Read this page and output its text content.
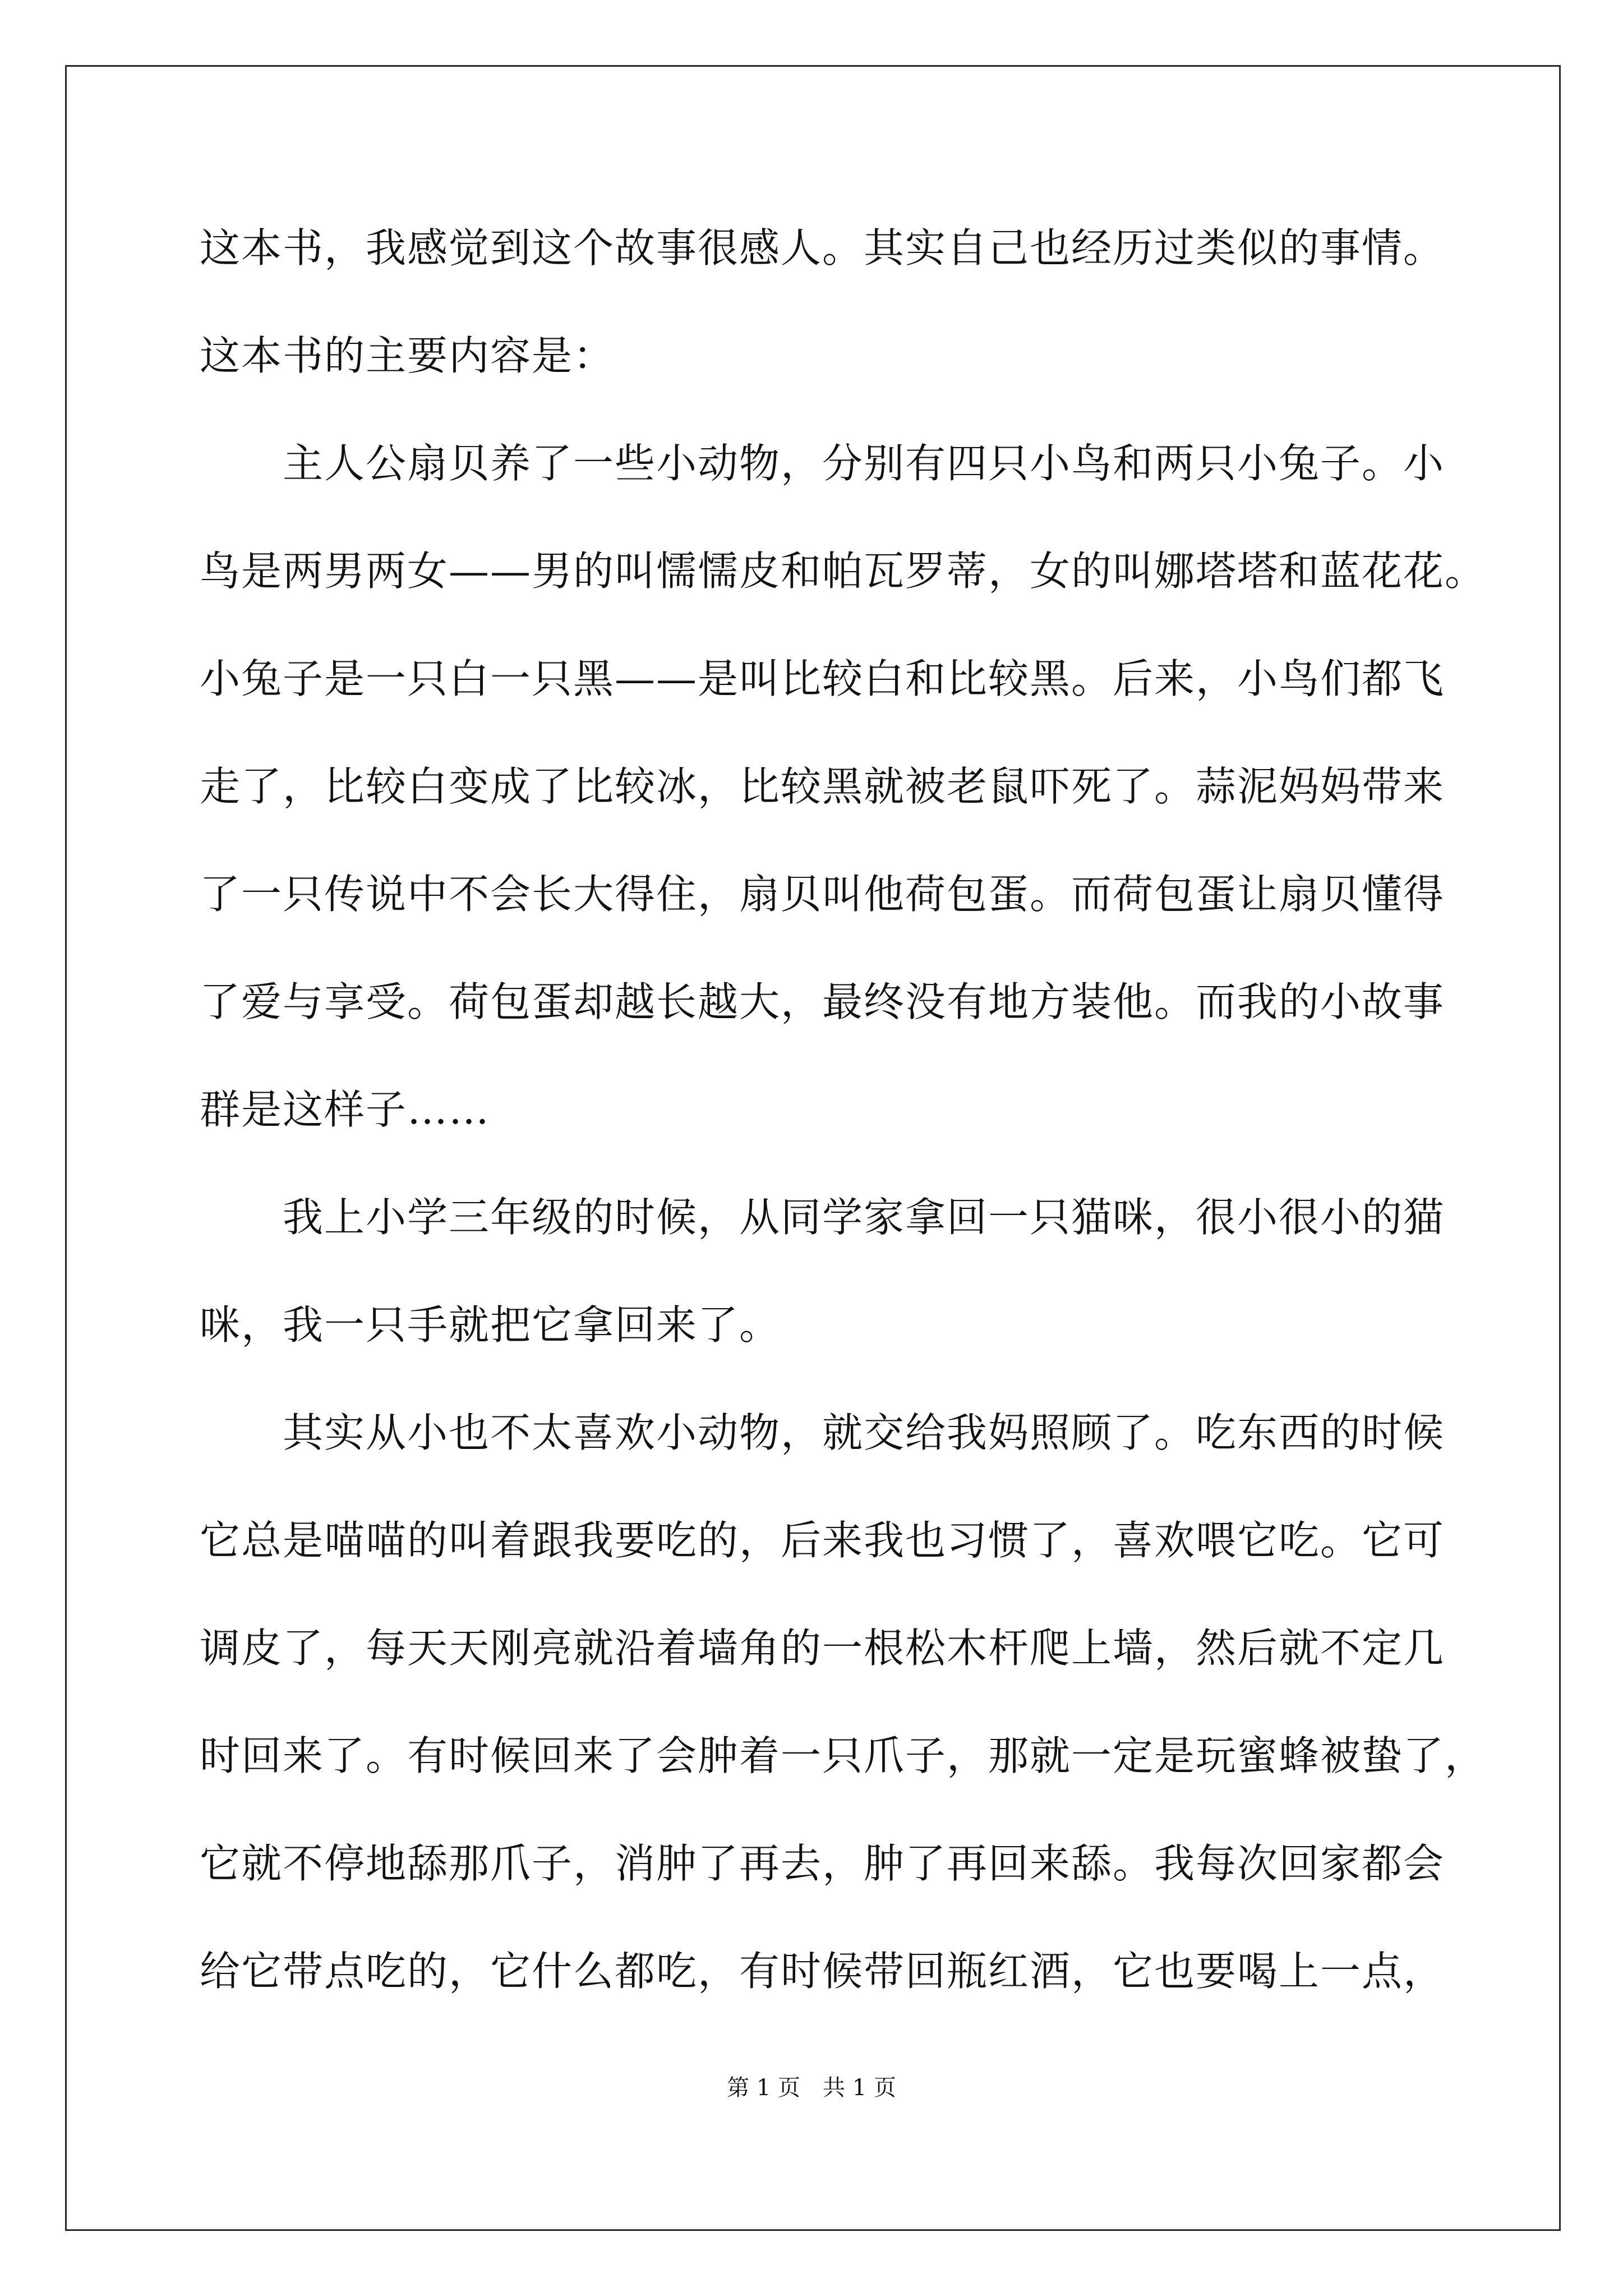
这本书，我感觉到这个故事很感人。其实自己也经历过类似的事情。
这本书的主要内容是：
　　主人公扇贝养了一些小动物，分别有四只小鸟和两只小兔子。小
鸟是两男两女——男的叫懦懦皮和帕瓦罗蒂，女的叫娜塔塔和蓝花花。
小兔子是一只白一只黑——是叫比较白和比较黑。后来，小鸟们都飞
走了，比较白变成了比较冰，比较黑就被老鼠吓死了。蒜泥妈妈带来
了一只传说中不会长大得住，扇贝叫他荷包蛋。而荷包蛋让扇贝懂得
了爱与享受。荷包蛋却越长越大，最终没有地方装他。而我的小故事
群是这样子……
　　我上小学三年级的时候，从同学家拿回一只猫咪，很小很小的猫
咪，我一只手就把它拿回来了。
　　其实从小也不太喜欢小动物，就交给我妈照顾了。吃东西的时候
它总是喵喵的叫着跟我要吃的，后来我也习惯了，喜欢喂它吃。它可
调皮了，每天天刚亮就沿着墙角的一根松木杆爬上墙，然后就不定几
时回来了。有时候回来了会肿着一只爪子，那就一定是玩蜜蜂被蛰了，
它就不停地舔那爪子，消肿了再去，肿了再回来舔。我每次回家都会
给它带点吃的，它什么都吃，有时候带回瓶红酒，它也要喝上一点，
第 1 页　共 1 页
